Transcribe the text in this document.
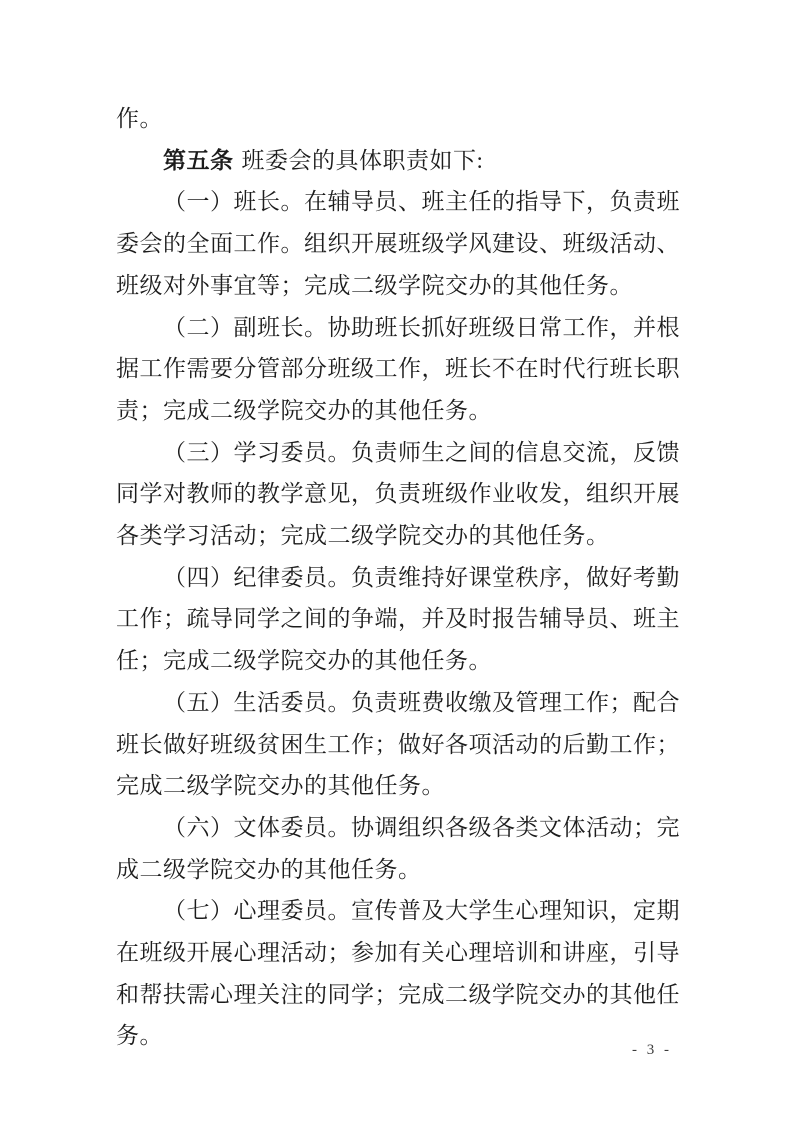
作。

第五条 班委会的具体职责如下:

（一）班长。在辅导员、班主任的指导下，负责班委会的全面工作。组织开展班级学风建设、班级活动、班级对外事宜等；完成二级学院交办的其他任务。

（二）副班长。协助班长抓好班级日常工作，并根据工作需要分管部分班级工作，班长不在时代行班长职责；完成二级学院交办的其他任务。

（三）学习委员。负责师生之间的信息交流，反馈同学对教师的教学意见，负责班级作业收发，组织开展各类学习活动；完成二级学院交办的其他任务。

（四）纪律委员。负责维持好课堂秩序，做好考勤工作；疏导同学之间的争端，并及时报告辅导员、班主任；完成二级学院交办的其他任务。

（五）生活委员。负责班费收缴及管理工作；配合班长做好班级贫困生工作；做好各项活动的后勤工作；完成二级学院交办的其他任务。

（六）文体委员。协调组织各级各类文体活动；完成二级学院交办的其他任务。

（七）心理委员。宣传普及大学生心理知识，定期在班级开展心理活动；参加有关心理培训和讲座，引导和帮扶需心理关注的同学；完成二级学院交办的其他任务。

- 3 -
